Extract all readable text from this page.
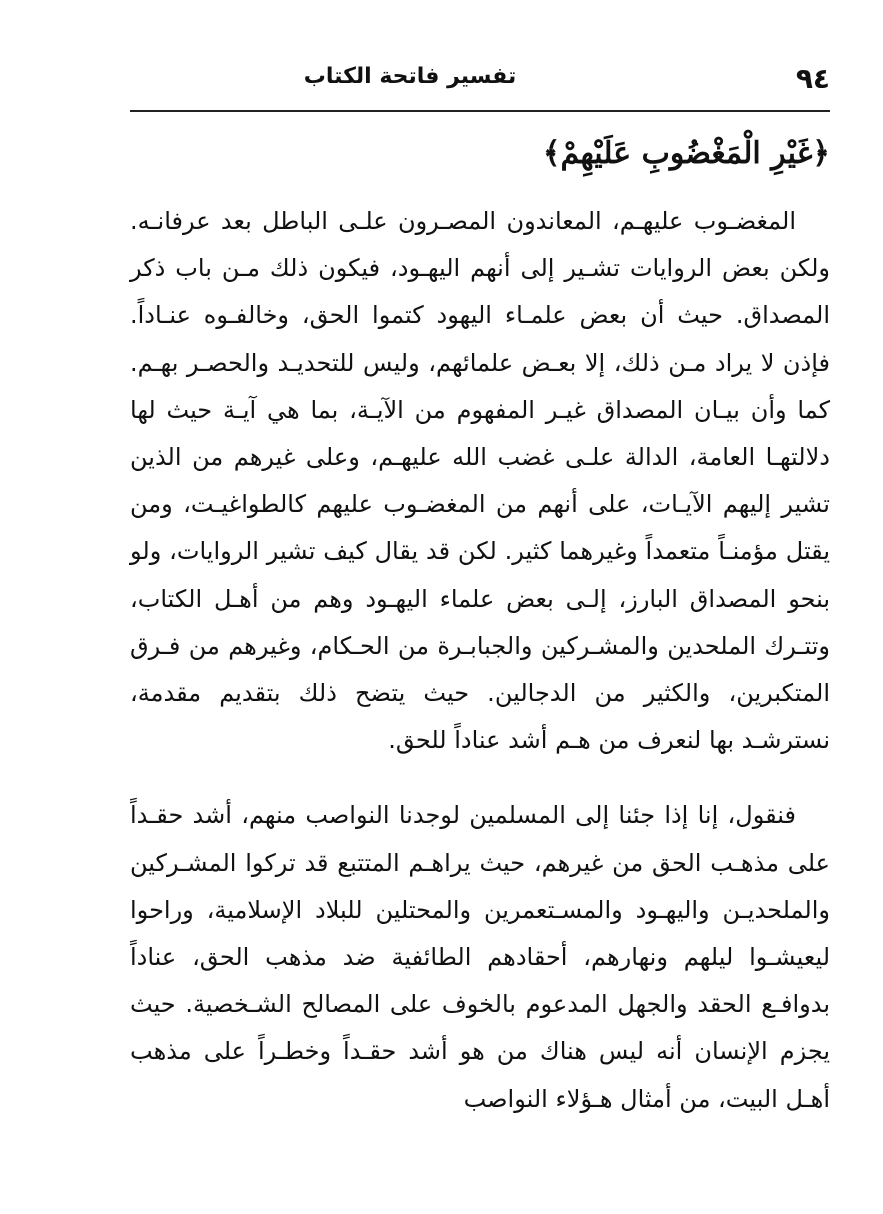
٩٤
تفسير فاتحة الكتاب
﴿غَيْرِ الْمَغْضُوبِ عَلَيْهِمْ﴾

المغضـوب عليهـم، المعاندون المصـرون علـى الباطل بعد عرفانـه. ولكن بعض الروايات تشـير إلى أنهم اليهـود، فيكون ذلك مـن باب ذكر المصداق. حيث أن بعض علمـاء اليهود كتموا الحق، وخالفـوه عنـاداً. فإذن لا يراد مـن ذلك، إلا بعـض علمائهم، وليس للتحديـد والحصـر بهـم. كما وأن بيـان المصداق غيـر المفهوم من الآيـة، بما هي آيـة حيث لها دلالتهـا العامة، الدالة علـى غضب الله عليهـم، وعلى غيرهم من الذين تشير إليهم الآيـات، على أنهم من المغضـوب عليهم كالطواغيـت، ومن يقتل مؤمنـاً متعمداً وغيرهما كثير. لكن قد يقال كيف تشير الروايات، ولو بنحو المصداق البارز، إلـى بعض علماء اليهـود وهم من أهـل الكتاب، وتتـرك الملحدين والمشـركين والجبابـرة من الحـكام، وغيرهم من فـرق المتكبرين، والكثير من الدجالين. حيث يتضح ذلك بتقديم مقدمة، نسترشـد بها لنعرف من هـم أشد عناداً للحق.

فنقول، إنا إذا جئنا إلى المسلمين لوجدنا النواصب منهم، أشد حقـداً على مذهـب الحق من غيرهم، حيث يراهـم المتتبع قد تركوا المشـركين والملحديـن واليهـود والمسـتعمرين والمحتلين للبلاد الإسلامية، وراحوا ليعيشـوا ليلهم ونهارهم، أحقادهم الطائفية ضد مذهب الحق، عناداً بدوافـع الحقد والجهل المدعوم بالخوف على المصالح الشـخصية. حيث يجزم الإنسان أنه ليس هناك من هو أشد حقـداً وخطـراً على مذهب أهـل البيت، من أمثال هـؤلاء النواصب
